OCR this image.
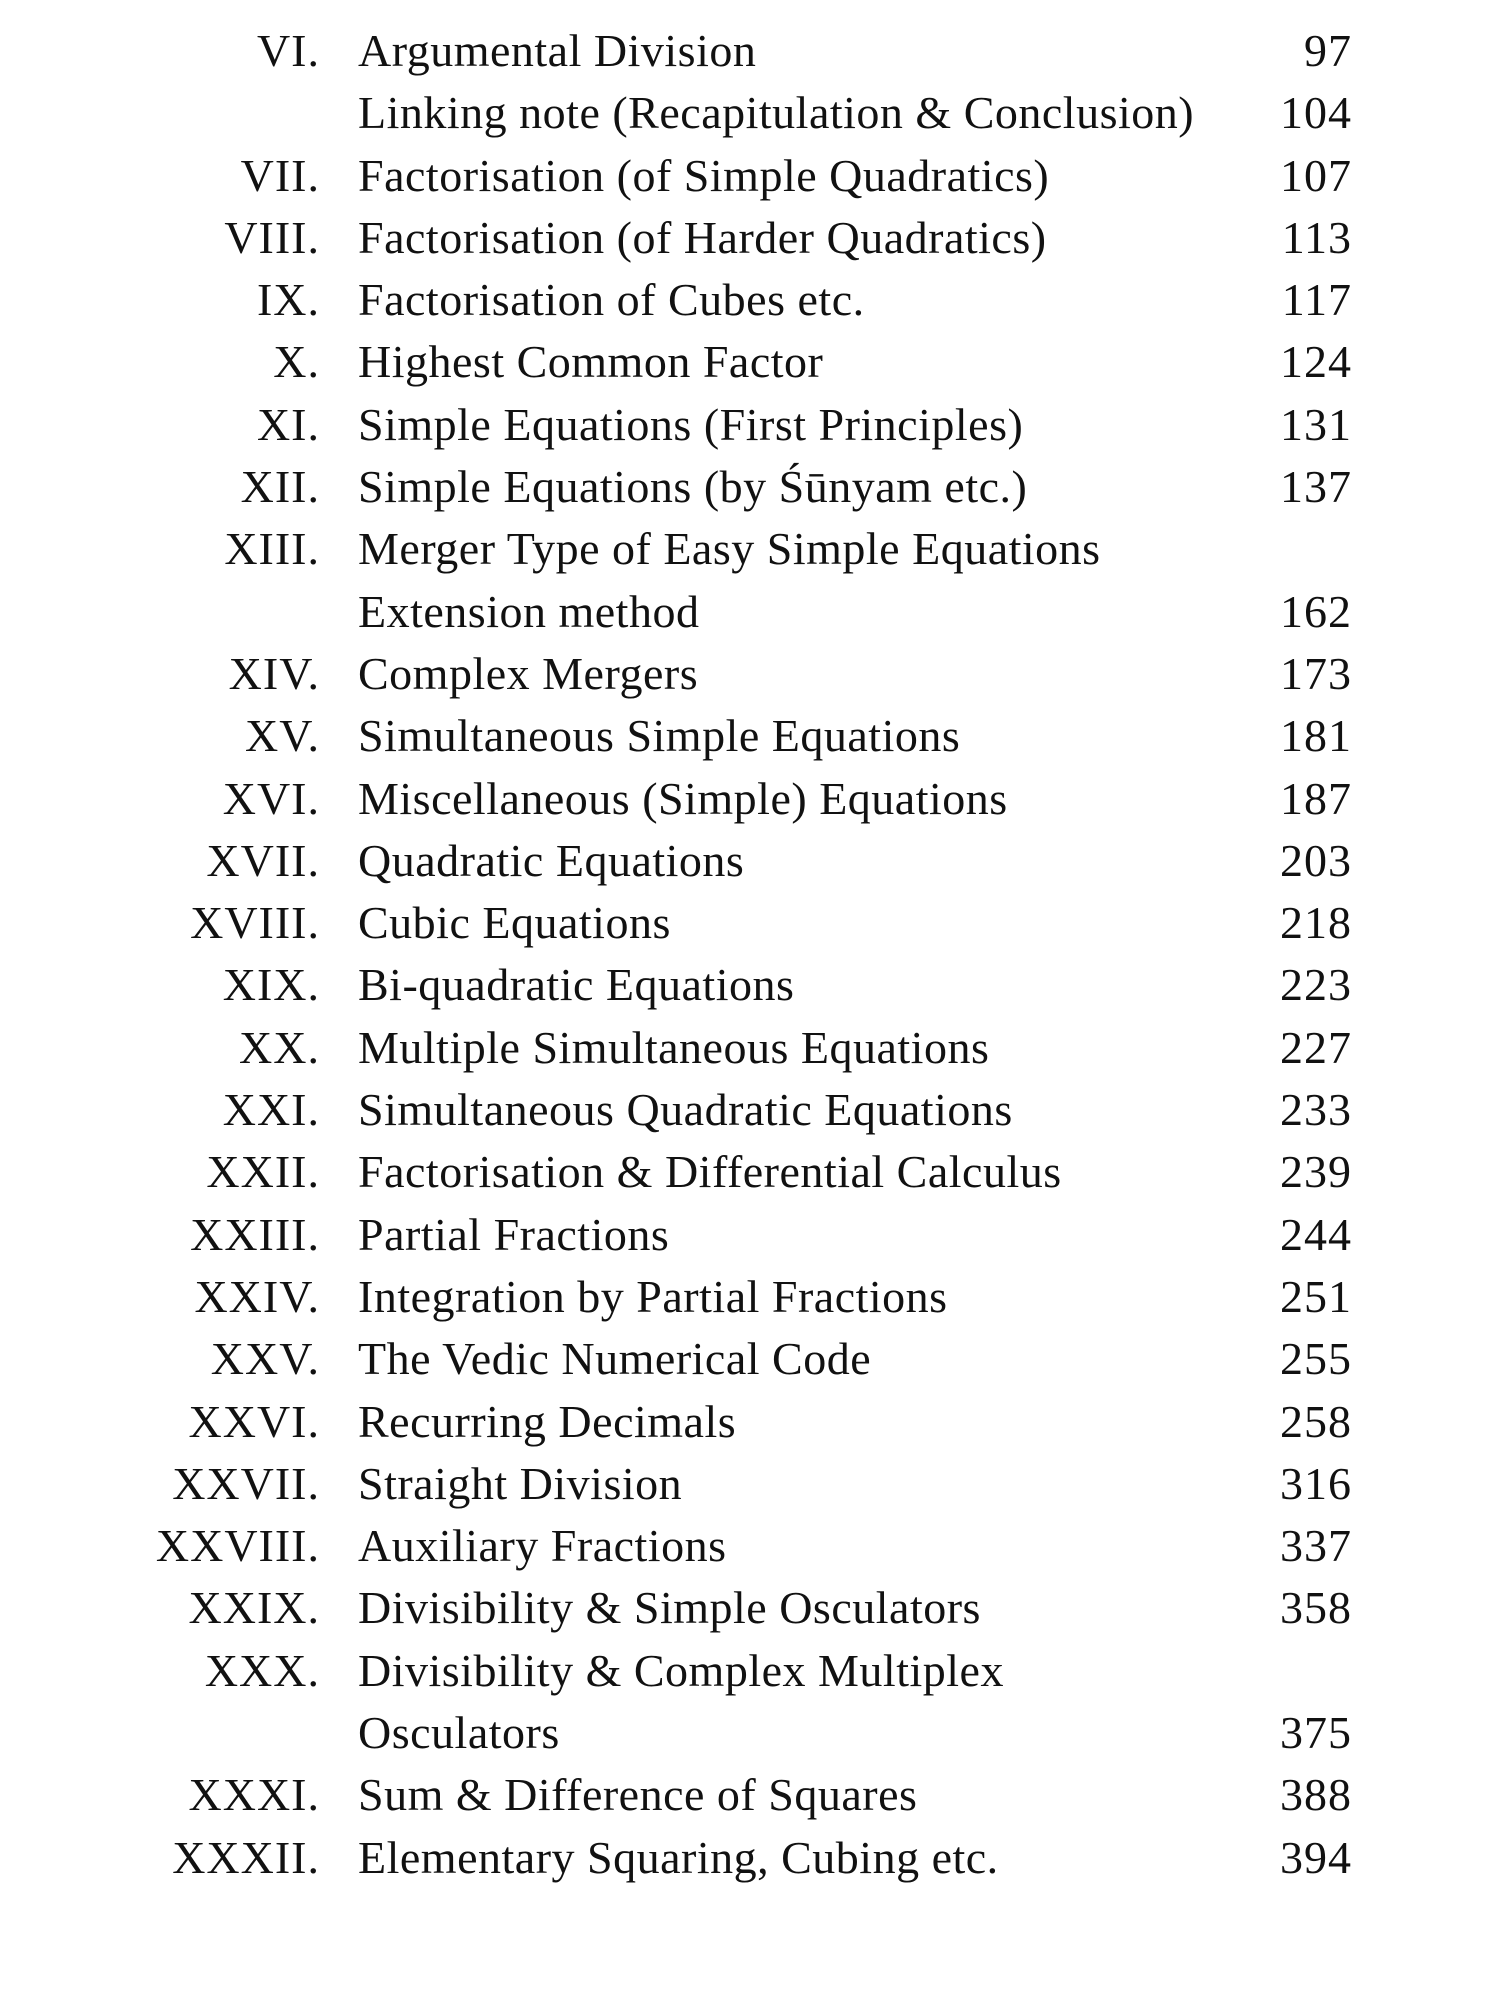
VI. Argumental Division	97
Linking note (Recapitulation & Conclusion) 104
VII. Factorisation (of Simple Quadratics)	107
VIII. Factorisation (of Harder Quadratics)	113
IX. Factorisation of Cubes etc.	117
X. Highest Common Factor	124
XI. Simple Equations (First Principles)	131
XII. Simple Equations (by Śūnyam etc.)	137
XIII. Merger Type of Easy Simple Equations
Extension method	162
XIV. Complex Mergers	173
XV. Simultaneous Simple Equations	181
XVI. Miscellaneous (Simple) Equations	187
XVII. Quadratic Equations	203
XVIII. Cubic Equations	218
XIX. Bi-quadratic Equations	223
XX. Multiple Simultaneous Equations	227
XXI. Simultaneous Quadratic Equations	233
XXII. Factorisation & Differential Calculus	239
XXIII. Partial Fractions	244
XXIV. Integration by Partial Fractions	251
XXV. The Vedic Numerical Code	255
XXVI. Recurring Decimals	258
XXVII. Straight Division	316
XXVIII. Auxiliary Fractions	337
XXIX. Divisibility & Simple Osculators	358
XXX. Divisibility & Complex Multiplex
Osculators	375
XXXI. Sum & Difference of Squares	388
XXXII. Elementary Squaring, Cubing etc.	394
